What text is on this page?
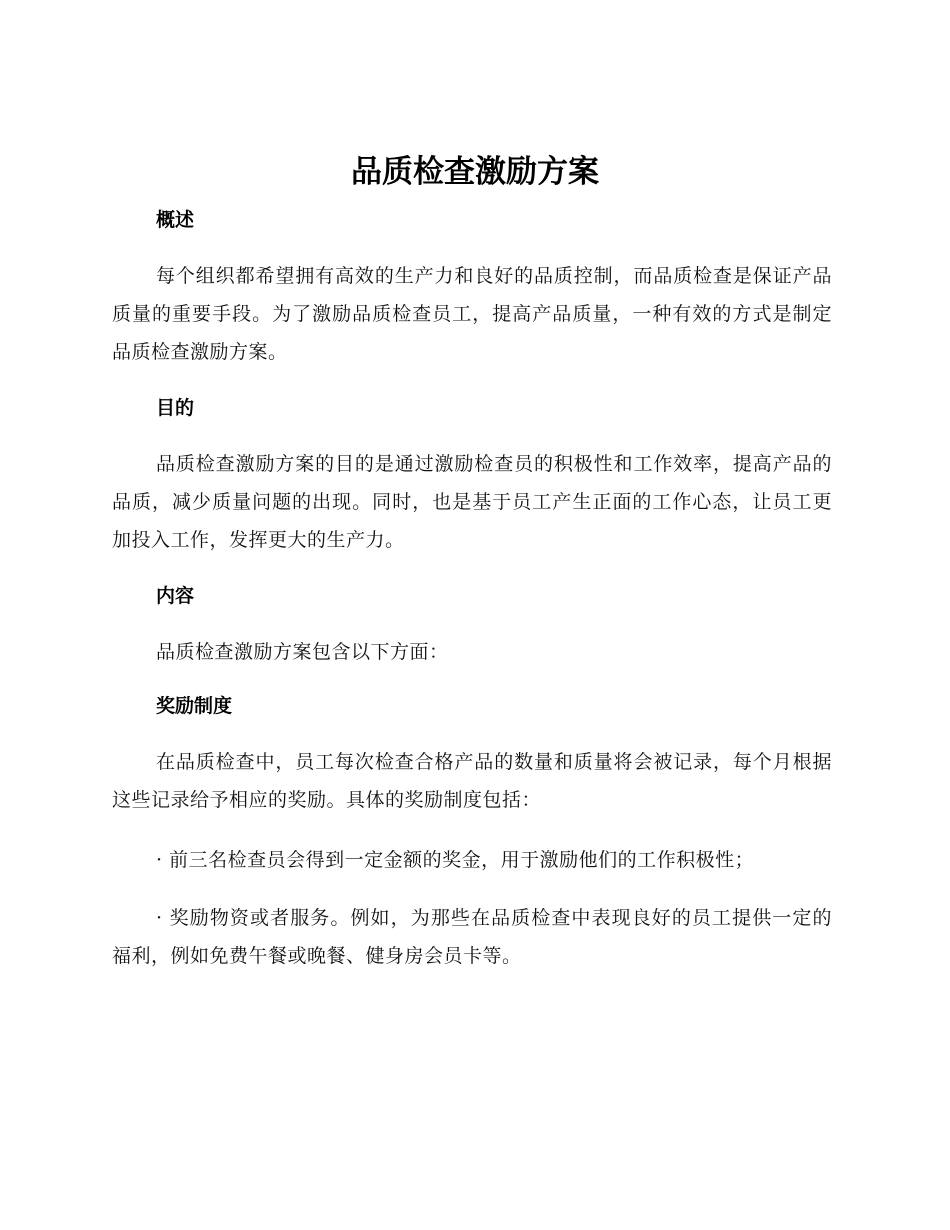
品质检查激励方案
概述

每个组织都希望拥有高效的生产力和良好的品质控制，而品质检查是保证产品质量的重要手段。为了激励品质检查员工，提高产品质量，一种有效的方式是制定品质检查激励方案。

目的

品质检查激励方案的目的是通过激励检查员的积极性和工作效率，提高产品的品质，减少质量问题的出现。同时，也是基于员工产生正面的工作心态，让员工更加投入工作，发挥更大的生产力。

内容

品质检查激励方案包含以下方面：

奖励制度

在品质检查中，员工每次检查合格产品的数量和质量将会被记录，每个月根据这些记录给予相应的奖励。具体的奖励制度包括：

· 前三名检查员会得到一定金额的奖金，用于激励他们的工作积极性；

· 奖励物资或者服务。例如，为那些在品质检查中表现良好的员工提供一定的福利，例如免费午餐或晚餐、健身房会员卡等。
